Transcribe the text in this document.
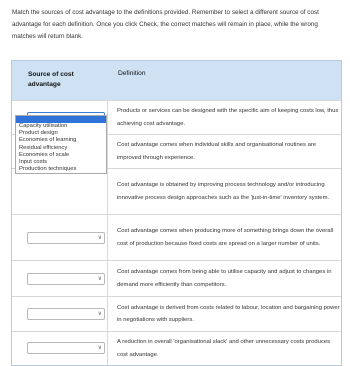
Match the sources of cost advantage to the definitions provided. Remember to select a different source of cost advantage for each definition. Once you click Check, the correct matches will remain in place, while the wrong matches will return blank.
Source of cost advantage
Definition
Products or services can be designed with the specific aim of keeping costs low, thus achieving cost advantage.
Cost advantage comes when individual skills and organisational routines are improved through experience.
Cost advantage is obtained by improving process technology and/or introducing innovative process design approaches such as the 'just-in-time' inventory system.
∨
Cost advantage comes when producing more of something brings down the overall cost of production because fixed costs are spread on a larger number of units.
∨
Cost advantage comes from being able to utilise capacity and adjust to changes in demand more efficiently than competitors.
∨
Cost advantage is derived from costs related to labour, location and bargaining power in negotiations with suppliers.
∨
A reduction in overall 'organisational slack' and other unnecessary costs produces cost advantage.
Capacity utilisation
Product design
Economies of learning
Residual efficiency
Economies of scale
Input costs
Production techniques
